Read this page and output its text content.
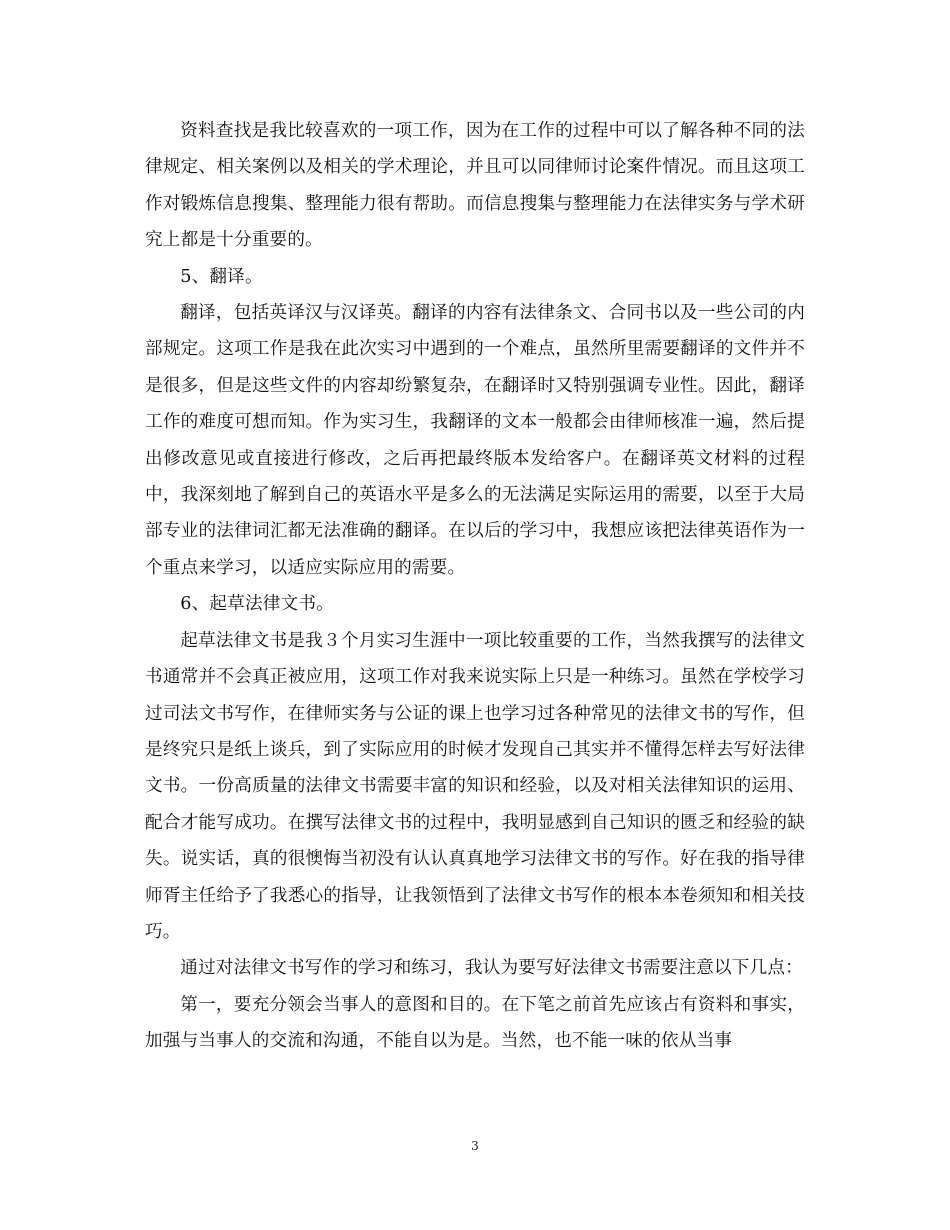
资料查找是我比较喜欢的一项工作，因为在工作的过程中可以了解各种不同的法律规定、相关案例以及相关的学术理论，并且可以同律师讨论案件情况。而且这项工作对锻炼信息搜集、整理能力很有帮助。而信息搜集与整理能力在法律实务与学术研究上都是十分重要的。

5、翻译。

翻译，包括英译汉与汉译英。翻译的内容有法律条文、合同书以及一些公司的内部规定。这项工作是我在此次实习中遇到的一个难点，虽然所里需要翻译的文件并不是很多，但是这些文件的内容却纷繁复杂，在翻译时又特别强调专业性。因此，翻译工作的难度可想而知。作为实习生，我翻译的文本一般都会由律师核准一遍，然后提出修改意见或直接进行修改，之后再把最终版本发给客户。在翻译英文材料的过程中，我深刻地了解到自己的英语水平是多么的无法满足实际运用的需要，以至于大局部专业的法律词汇都无法准确的翻译。在以后的学习中，我想应该把法律英语作为一个重点来学习，以适应实际应用的需要。

6、起草法律文书。

起草法律文书是我３个月实习生涯中一项比较重要的工作，当然我撰写的法律文书通常并不会真正被应用，这项工作对我来说实际上只是一种练习。虽然在学校学习过司法文书写作，在律师实务与公证的课上也学习过各种常见的法律文书的写作，但是终究只是纸上谈兵，到了实际应用的时候才发现自己其实并不懂得怎样去写好法律文书。一份高质量的法律文书需要丰富的知识和经验，以及对相关法律知识的运用、配合才能写成功。在撰写法律文书的过程中，我明显感到自己知识的匮乏和经验的缺失。说实话，真的很懊悔当初没有认认真真地学习法律文书的写作。好在我的指导律师胥主任给予了我悉心的指导，让我领悟到了法律文书写作的根本本卷须知和相关技巧。

通过对法律文书写作的学习和练习，我认为要写好法律文书需要注意以下几点：

第一，要充分领会当事人的意图和目的。在下笔之前首先应该占有资料和事实，加强与当事人的交流和沟通，不能自以为是。当然，也不能一味的依从当事

3
